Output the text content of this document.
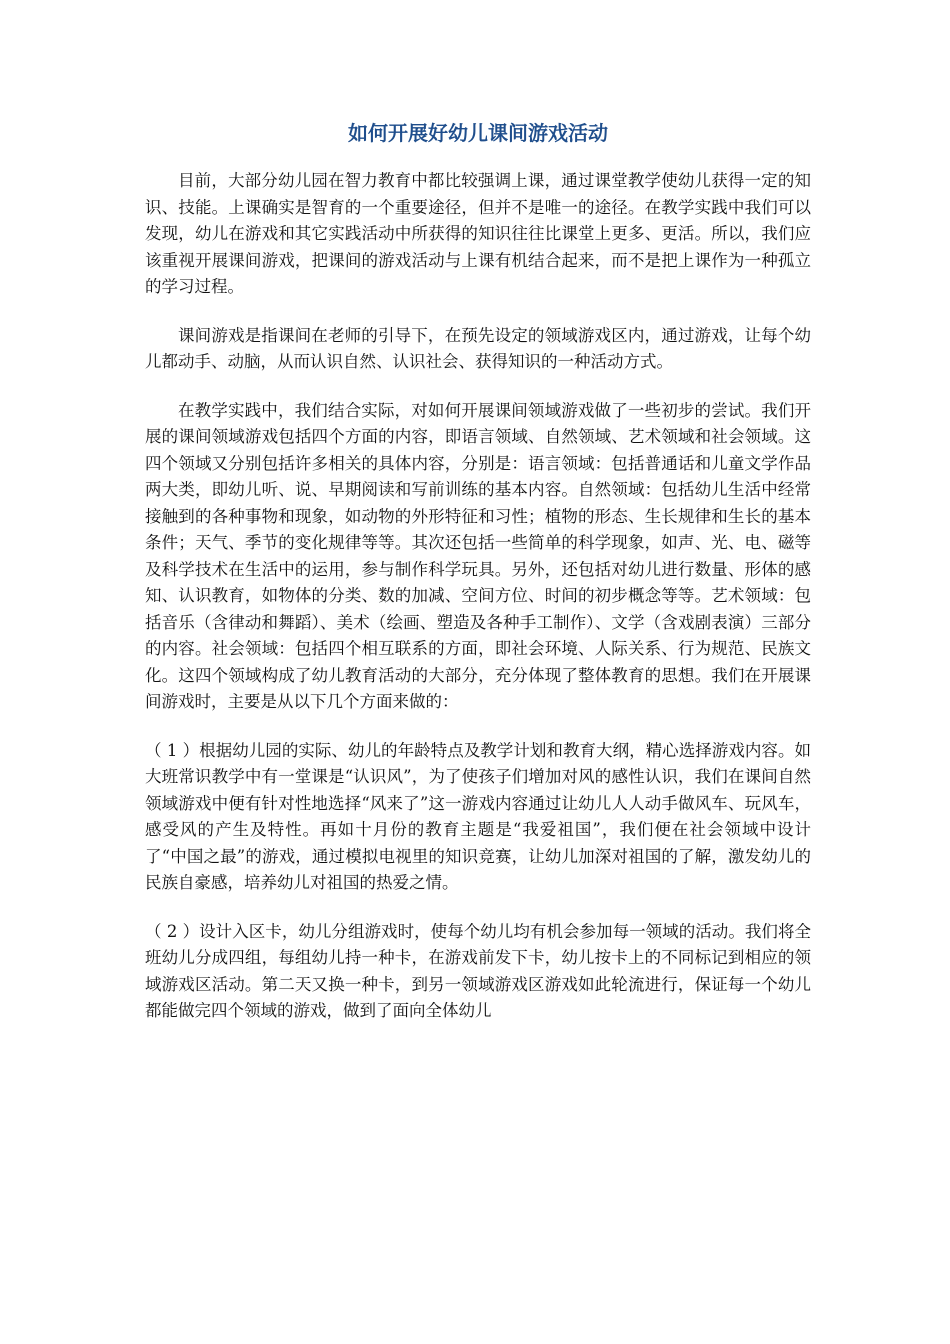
如何开展好幼儿课间游戏活动

目前，大部分幼儿园在智力教育中都比较强调上课，通过课堂教学使幼儿获得一定的知识、技能。上课确实是智育的一个重要途径，但并不是唯一的途径。在教学实践中我们可以发现，幼儿在游戏和其它实践活动中所获得的知识往往比课堂上更多、更活。所以，我们应该重视开展课间游戏，把课间的游戏活动与上课有机结合起来，而不是把上课作为一种孤立的学习过程。

课间游戏是指课间在老师的引导下，在预先设定的领域游戏区内，通过游戏，让每个幼儿都动手、动脑，从而认识自然、认识社会、获得知识的一种活动方式。

在教学实践中，我们结合实际，对如何开展课间领域游戏做了一些初步的尝试。我们开展的课间领域游戏包括四个方面的内容，即语言领域、自然领域、艺术领域和社会领域。这四个领域又分别包括许多相关的具体内容，分别是：语言领域：包括普通话和儿童文学作品两大类，即幼儿听、说、早期阅读和写前训练的基本内容。自然领域：包括幼儿生活中经常接触到的各种事物和现象，如动物的外形特征和习性；植物的形态、生长规律和生长的基本条件；天气、季节的变化规律等等。其次还包括一些简单的科学现象，如声、光、电、磁等及科学技术在生活中的运用，参与制作科学玩具。另外，还包括对幼儿进行数量、形体的感知、认识教育，如物体的分类、数的加减、空间方位、时间的初步概念等等。艺术领域：包括音乐（含律动和舞蹈）、美术（绘画、塑造及各种手工制作）、文学（含戏剧表演）三部分的内容。社会领域：包括四个相互联系的方面，即社会环境、人际关系、行为规范、民族文化。这四个领域构成了幼儿教育活动的大部分，充分体现了整体教育的思想。我们在开展课间游戏时，主要是从以下几个方面来做的：

（ 1 ）根据幼儿园的实际、幼儿的年龄特点及教学计划和教育大纲，精心选择游戏内容。如大班常识教学中有一堂课是“认识风”，为了使孩子们增加对风的感性认识，我们在课间自然领域游戏中便有针对性地选择“风来了”这一游戏内容通过让幼儿人人动手做风车、玩风车，感受风的产生及特性。再如十月份的教育主题是“我爱祖国”，我们便在社会领域中设计了“中国之最”的游戏，通过模拟电视里的知识竞赛，让幼儿加深对祖国的了解，激发幼儿的民族自豪感，培养幼儿对祖国的热爱之情。

（ 2 ）设计入区卡，幼儿分组游戏时，使每个幼儿均有机会参加每一领域的活动。我们将全班幼儿分成四组，每组幼儿持一种卡，在游戏前发下卡，幼儿按卡上的不同标记到相应的领域游戏区活动。第二天又换一种卡，到另一领域游戏区游戏如此轮流进行，保证每一个幼儿都能做完四个领域的游戏，做到了面向全体幼儿
